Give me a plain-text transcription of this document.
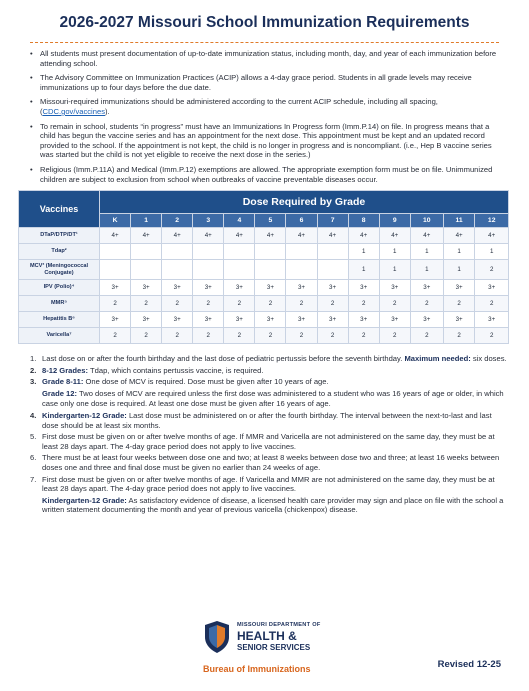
2026-2027 Missouri School Immunization Requirements
• All students must present documentation of up-to-date immunization status, including month, day, and year of each immunization before attending school.
• The Advisory Committee on Immunization Practices (ACIP) allows a 4-day grace period. Students in all grade levels may receive immunizations up to four days before the due date.
• Missouri-required immunizations should be administered according to the current ACIP schedule, including all spacing, (CDC.gov/vaccines).
• To remain in school, students “in progress” must have an Immunizations In Progress form (Imm.P.14) on file. In progress means that a child has begun the vaccine series and has an appointment for the next dose. This appointment must be kept and an updated record provided to the school. If the appointment is not kept, the child is no longer in progress and is noncompliant. (i.e., Hep B vaccine series was started but the child is not yet eligible to receive the next dose in the series.)
• Religious (Imm.P.11A) and Medical (Imm.P.12) exemptions are allowed. The appropriate exemption form must be on file. Unimmunized children are subject to exclusion from school when outbreaks of vaccine preventable diseases occur.
Vaccines	Dose Required by Grade												
	K	1	2	3	4	5	6	7	8	9	10	11	12
DTaP/DTP/DT¹	4+	4+	4+	4+	4+	4+	4+	4+	4+	4+	4+	4+	4+
Tdap²									1	1	1	1	1
MCV³ (Meningococcal Conjugate)									1	1	1	1	2
IPV (Polio)⁴	3+	3+	3+	3+	3+	3+	3+	3+	3+	3+	3+	3+	3+
MMR⁵	2	2	2	2	2	2	2	2	2	2	2	2	2
Hepatitis B⁶	3+	3+	3+	3+	3+	3+	3+	3+	3+	3+	3+	3+	3+
Varicella⁷	2	2	2	2	2	2	2	2	2	2	2	2	2
1. Last dose on or after the fourth birthday and the last dose of pediatric pertussis before the seventh birthday. Maximum needed: six doses.
2. 8-12 Grades: Tdap, which contains pertussis vaccine, is required.
3. Grade 8-11: One dose of MCV is required. Dose must be given after 10 years of age.
Grade 12: Two doses of MCV are required unless the first dose was administered to a student who was 16 years of age or older, in which case only one dose is required. At least one dose must be given after 16 years of age.
4. Kindergarten-12 Grade: Last dose must be administered on or after the fourth birthday. The interval between the next-to-last and last dose should be at least six months.
5. First dose must be given on or after twelve months of age. If MMR and Varicella are not administered on the same day, they must be at least 28 days apart. The 4-day grace period does not apply to live vaccines.
6. There must be at least four weeks between dose one and two; at least 8 weeks between dose two and three; at least 16 weeks between doses one and three and final dose must be given no earlier than 24 weeks of age.
7. First dose must be given on or after twelve months of age. If Varicella and MMR are not administered on the same day, they must be at least 28 days apart. The 4-day grace period does not apply to live vaccines.
Kindergarten-12 Grade: As satisfactory evidence of disease, a licensed health care provider may sign and place on file with the school a written statement documenting the month and year of previous varicella (chickenpox) disease.
MISSOURI DEPARTMENT OF
HEALTH &
SENIOR SERVICES
Bureau of Immunizations	Revised 12-25
